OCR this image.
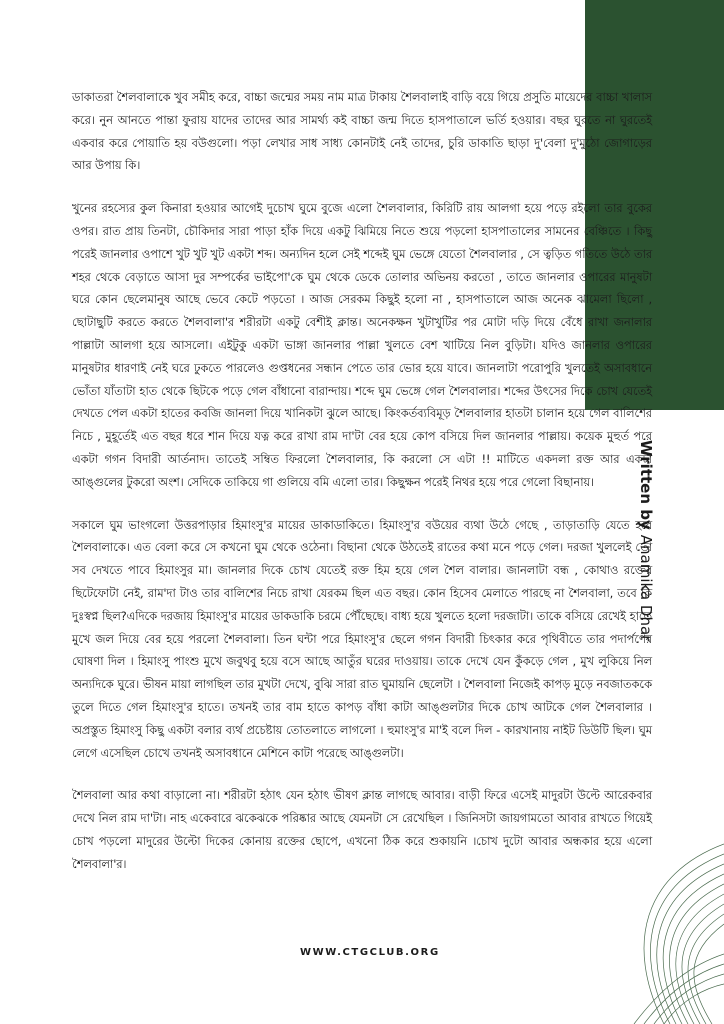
Written byAnamika Dhar

ডাকাতরা শৈলবালাকে খুব সমীহ করে, বাচ্চা জন্মের সময় নাম মাত্র টাকায় শৈলবালাই বাড়ি বয়ে গিয়ে প্রসুতি মায়েদের বাচ্চা খালাস করে। নুন আনতে পান্তা ফুরায় যাদের তাদের আর সামর্থ্য কই বাচ্চা জন্ম দিতে হাসপাতালে ভর্তি হওয়ার। বছর ঘুরতে না ঘুরতেই একবার করে পোয়াতি হয় বউগুলো। পড়া লেখার সাধ সাধ্য কোনটাই নেই তাদের, চুরি ডাকাতি ছাড়া দু'বেলা দু'মুঠো জোগাড়ের আর উপায় কি।

খুনের রহস্যের কুল কিনারা হওয়ার আগেই দুচোখ ঘুমে বুজে এলো শৈলবালার, কিরিটি রায় আলগা হয়ে পড়ে রইলো তার বুকের ওপর। রাত প্রায় তিনটা, চৌকিদার সারা পাড়া হাঁক দিয়ে একটু ঝিমিয়ে নিতে শুয়ে পড়লো হাসপাতালের সামনের বেঞ্চিতে । কিছু পরেই জানলার ওপাশে খুট খুট খুট একটা শব্দ। অন্যদিন হলে সেই শব্দেই ঘুম ভেঙ্গে যেতো শৈলবালার , সে ত্বড়িত গতিতে উঠে তার শহর থেকে বেড়াতে আসা দুর সম্পর্কের ভাইপো'কে ঘুম থেকে ডেকে তোলার অভিনয় করতো , তাতে জানলার ওপারের মানুষটা ঘরে কোন ছেলেমানুষ আছে ভেবে কেটে পড়তো । আজ সেরকম কিছুই হলো না , হাসপাতালে আজ অনেক ঝামেলা ছিলো , ছোটাছুটি করতে করতে শৈলবালা'র শরীরটা একটু বেশীই ক্লান্ত। অনেকক্ষন খুটাখুটির পর মোটা দড়ি দিয়ে বেঁধে রাখা জনালার পাল্লাটা আলগা হয়ে আসলো। এইটুকু একটা ভাঙ্গা জানলার পাল্লা খুলতে বেশ খাটিয়ে নিল বুড়িটা। যদিও জানলার ওপারের মানুষটার ধারণাই নেই ঘরে ঢুকতে পারলেও গুপ্তধনের সন্ধান পেতে তার ভোর হয়ে যাবে। জানলাটা পরোপুরি খুলতেই অসাবধানে ভোঁতা যাঁতাটা হাত থেকে ছিটকে পড়ে গেল বাঁধানো বারান্দায়। শব্দে ঘুম ভেঙ্গে গেল শৈলবালার। শব্দের উৎসের দিকে চোখ যেতেই দেখতে পেল একটা হাতের কবজি জানলা দিয়ে খানিকটা ঝুলে আছে। কিংকর্তব্যবিমূড় শৈলবালার হাতটা চালান হয়ে গেল বালিশের নিচে , মুহূর্তেই এত বছর ধরে শান দিয়ে যত্ন করে রাখা রাম দা'টা বের হয়ে কোপ বসিয়ে দিল জানলার পাল্লায়। কয়েক মুহুর্ত পরে একটা গগন বিদারী আর্তনাদ। তাতেই সম্বিত ফিরলো শৈলবালার, কি করলো সে এটা !! মাটিতে একদলা রক্ত আর একটা আঙ্গুলের টুকরো অংশ। সেদিকে তাকিয়ে গা গুলিয়ে বমি এলো তার। কিছুক্ষন পরেই নিথর হয়ে পরে গেলো বিছানায়।

সকালে ঘুম ভাংগলো উত্তরপাড়ার হিমাংসু'র মায়ের ডাকাডাকিতে। হিমাংসু'র বউয়ের ব্যথা উঠে গেছে , তাড়াতাড়ি যেতে হবে শৈলবালাকে। এত বেলা করে সে কখনো ঘুম থেকে ওঠেনা। বিছানা থেকে উঠতেই রাতের কথা মনে পড়ে গেল। দরজা খুললেই তো সব দেখতে পাবে হিমাংসুর মা। জানলার দিকে চোখ যেতেই রক্ত হিম হয়ে গেল শৈল বালার। জানলাটা বন্ধ , কোথাও রক্তের ছিটেফোটা নেই, রাম'দা টাও তার বালিশের নিচে রাখা যেরকম ছিল এত বছর। কোন হিসেব মেলাতে পারছে না শৈলবালা, তবে কি দুঃস্বপ্ন ছিল?এদিকে দরজায় হিমাংসু'র মায়ের ডাকডাকি চরমে পৌঁছেছে। বাধ্য হয়ে খুলতে হলো দরজাটা। তাকে বসিয়ে রেখেই হাতে মুখে জল দিয়ে বের হয়ে পরলো শৈলবালা। তিন ঘন্টা পরে হিমাংসু'র ছেলে গগন বিদারী চিৎকার করে পৃথিবীতে তার পদার্পণের ঘোষণা দিল । হিমাংসু পাংশু মুখে জবুথবু হয়ে বসে আছে আতুঁর ঘরের দাওয়ায়। তাকে দেখে যেন কুঁকড়ে গেল , মুখ লুকিয়ে নিল অন্যদিকে ঘুরে। ভীষন মায়া লাগছিল তার মুখটা দেখে, বুঝি সারা রাত ঘুমায়নি ছেলেটা । শৈলবালা নিজেই কাপড় মুড়ে নবজাতককে তুলে দিতে গেল হিমাংসু'র হাতে। তখনই তার বাম হাতে কাপড় বাঁধা কাটা আঙ্গুলটার দিকে চোখ আটকে গেল শৈলবালার । অপ্রস্তুত হিমাংসু কিছু একটা বলার ব্যর্থ প্রচেষ্টায় তোতলাতে লাগলো । হুমাংসু'র মা'ই বলে দিল - কারখানায় নাইট ডিউটি ছিল। ঘুম লেগে এসেছিল চোখে তখনই অসাবধানে মেশিনে কাটা পরেছে আঙ্গুলটা।

শৈলবালা আর কথা বাড়ালো না। শরীরটা হঠাৎ যেন হঠাৎ ভীষণ ক্লান্ত লাগছে আবার। বাড়ী ফিরে এসেই মাদুরটা উল্টে আরেকবার দেখে নিল রাম দা'টা। নাহ একেবারে ঝকেঝকে পরিষ্কার আছে যেমনটা সে রেখেছিল । জিনিসটা জায়গামতো আবার রাখতে গিয়েই চোখ পড়লো মাদুরের উল্টো দিকের কোনায় রক্তের ছোপে, এখনো ঠিক করে শুকায়নি ।চোখ দুটো আবার অন্ধকার হয়ে এলো শৈলবালা'র।

WWW.CTGCLUB.ORG
